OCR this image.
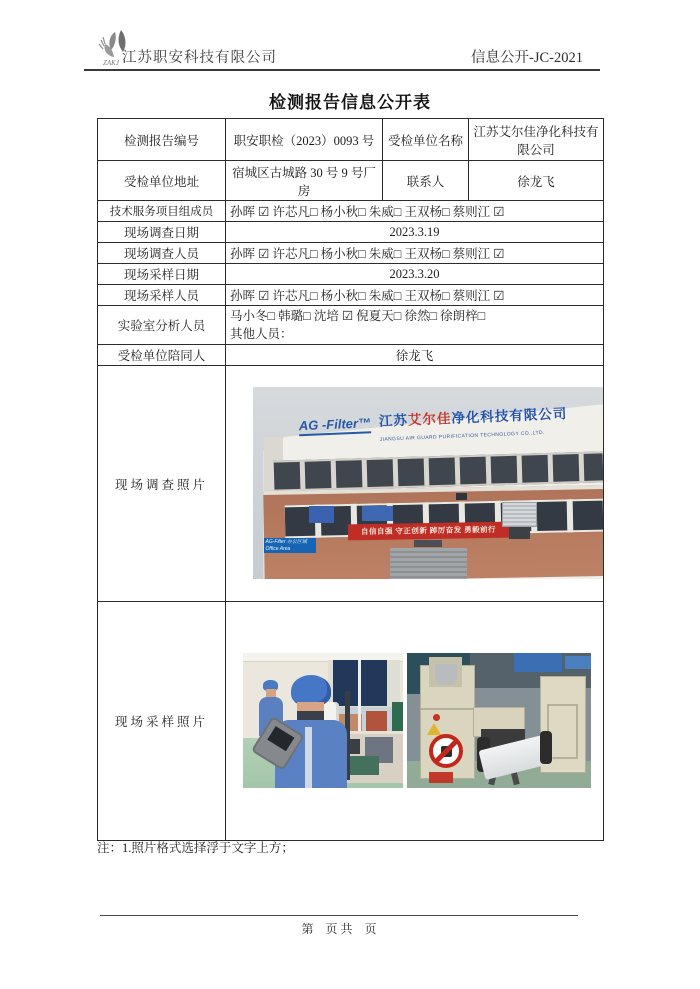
ZAKJ 江苏职安科技有限公司	信息公开-JC-2021
检测报告信息公开表
检测报告编号	职安职检（2023）0093 号	受检单位名称	江苏艾尔佳净化科技有限公司
受检单位地址	宿城区古城路 30 号 9 号厂房	联系人	徐龙飞
技术服务项目组成员	孙晖 ☑ 许芯凡□ 杨小秋□ 朱威□ 王双杨□ 蔡则江 ☑		
现场调查日期	2023.3.19		
现场调查人员	孙晖 ☑ 许芯凡□ 杨小秋□ 朱威□ 王双杨□ 蔡则江 ☑		
现场采样日期	2023.3.20		
现场采样人员	孙晖 ☑ 许芯凡□ 杨小秋□ 朱威□ 王双杨□ 蔡则江 ☑		
实验室分析人员	马小冬□ 韩璐□ 沈培 ☑ 倪夏天□ 徐然□ 徐朗梓□
其他人员：		

受检单位陪同人	徐龙飞		
现场调查照片	AG -Filter™ 江苏艾尔佳净化科技有限公司
JIANGSU AIR GUARD PURIFICATION TECHNOLOGY CO.,LTD.
自信自强 守正创新 踔厉奋发 勇毅前行
AG-Filter 办公区域 Office Area		

现场采样照片			

注：1.照片格式选择浮于文字上方；
第　页 共　页
